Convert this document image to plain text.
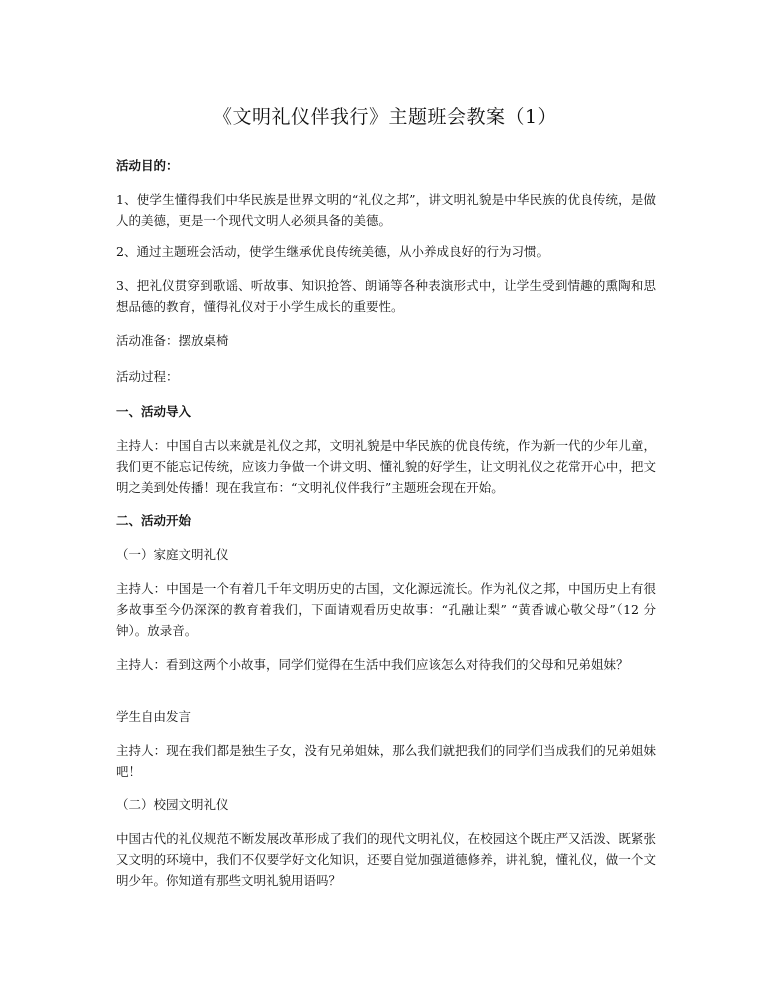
《文明礼仪伴我行》主题班会教案（1）
活动目的：
1、使学生懂得我们中华民族是世界文明的“礼仪之邦”，讲文明礼貌是中华民族的优良传统，是做人的美德，更是一个现代文明人必须具备的美德。
2、通过主题班会活动，使学生继承优良传统美德，从小养成良好的行为习惯。
3、把礼仪贯穿到歌谣、听故事、知识抢答、朗诵等各种表演形式中，让学生受到情趣的熏陶和思想品德的教育，懂得礼仪对于小学生成长的重要性。
活动准备：摆放桌椅
活动过程：
一、活动导入
主持人：中国自古以来就是礼仪之邦，文明礼貌是中华民族的优良传统，作为新一代的少年儿童，我们更不能忘记传统，应该力争做一个讲文明、懂礼貌的好学生，让文明礼仪之花常开心中，把文明之美到处传播！现在我宣布：“文明礼仪伴我行”主题班会现在开始。
二、活动开始
（一）家庭文明礼仪
主持人：中国是一个有着几千年文明历史的古国，文化源远流长。作为礼仪之邦，中国历史上有很多故事至今仍深深的教育着我们，下面请观看历史故事：“孔融让梨” “黄香诚心敬父母”（12 分钟）。放录音。
主持人：看到这两个小故事，同学们觉得在生活中我们应该怎么对待我们的父母和兄弟姐妹？
学生自由发言
主持人：现在我们都是独生子女，没有兄弟姐妹，那么我们就把我们的同学们当成我们的兄弟姐妹吧！
（二）校园文明礼仪
中国古代的礼仪规范不断发展改革形成了我们的现代文明礼仪，在校园这个既庄严又活泼、既紧张又文明的环境中，我们不仅要学好文化知识，还要自觉加强道德修养，讲礼貌，懂礼仪，做一个文明少年。你知道有那些文明礼貌用语吗？
